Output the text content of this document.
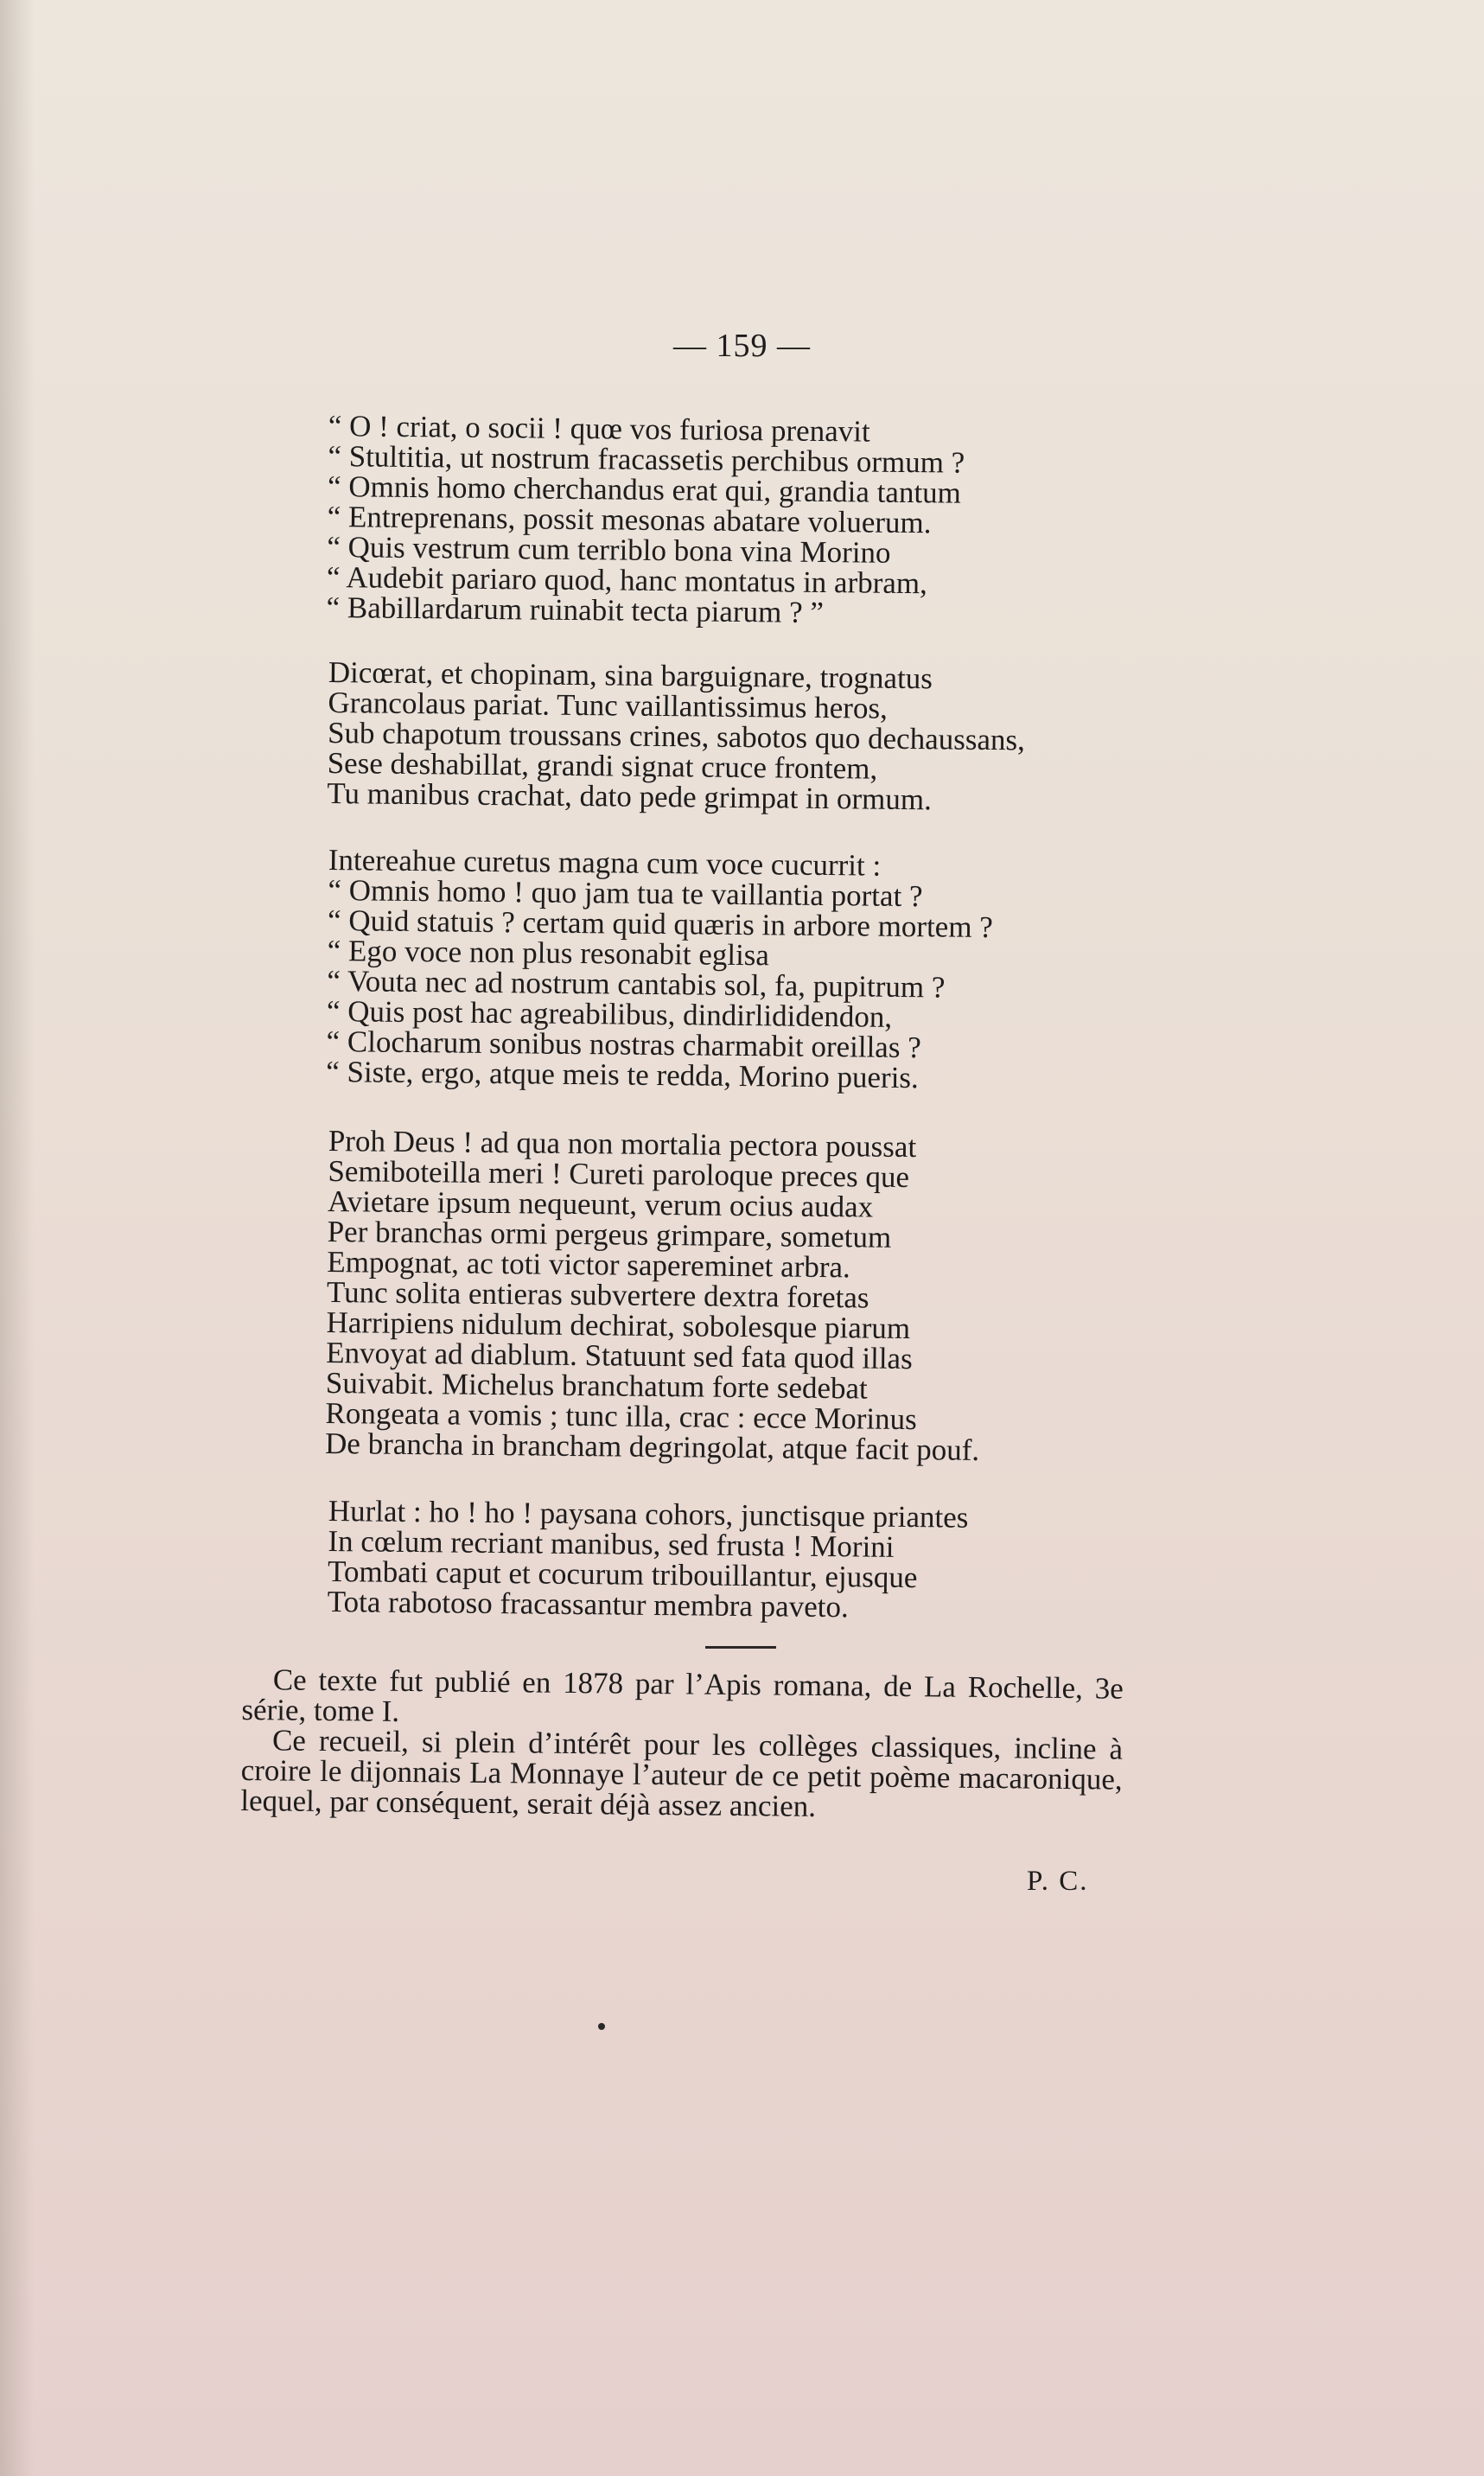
— 159 —
“ O ! criat, o socii ! quœ vos furiosa prenavit
“ Stultitia, ut nostrum fracassetis perchibus ormum ?
“ Omnis homo cherchandus erat qui, grandia tantum
“ Entreprenans, possit mesonas abatare voluerum.
“ Quis vestrum cum terriblo bona vina Morino
“ Audebit pariaro quod, hanc montatus in arbram,
“ Babillardarum ruinabit tecta piarum ? ”
Dicœrat, et chopinam, sina barguignare, trognatus
Grancolaus pariat. Tunc vaillantissimus heros,
Sub chapotum troussans crines, sabotos quo dechaussans,
Sese deshabillat, grandi signat cruce frontem,
Tu manibus crachat, dato pede grimpat in ormum.
Intereahue curetus magna cum voce cucurrit :
“ Omnis homo ! quo jam tua te vaillantia portat ?
“ Quid statuis ? certam quid quæris in arbore mortem ?
“ Ego voce non plus resonabit eglisa
“ Vouta nec ad nostrum cantabis sol, fa, pupitrum ?
“ Quis post hac agreabilibus, dindirlididendon,
“ Clocharum sonibus nostras charmabit oreillas ?
“ Siste, ergo, atque meis te redda, Morino pueris.
Proh Deus ! ad qua non mortalia pectora poussat
Semiboteilla meri ! Cureti paroloque preces que
Avietare ipsum nequeunt, verum ocius audax
Per branchas ormi pergeus grimpare, sometum
Empognat, ac toti victor sapereminet arbra.
Tunc solita entieras subvertere dextra foretas
Harripiens nidulum dechirat, sobolesque piarum
Envoyat ad diablum. Statuunt sed fata quod illas
Suivabit. Michelus branchatum forte sedebat
Rongeata a vomis ; tunc illa, crac : ecce Morinus
De brancha in brancham degringolat, atque facit pouf.
Hurlat : ho ! ho ! paysana cohors, junctisque priantes
In cœlum recriant manibus, sed frusta ! Morini
Tombati caput et cocurum tribouillantur, ejusque
Tota rabotoso fracassantur membra paveto.

Ce texte fut publié en 1878 par l’Apis romana, de La Rochelle, 3e série, tome I.

Ce recueil, si plein d’intérêt pour les collèges classiques, incline à croire le dijonnais La Monnaye l’auteur de ce petit poème macaronique, lequel, par conséquent, serait déjà assez ancien.

P. C.
